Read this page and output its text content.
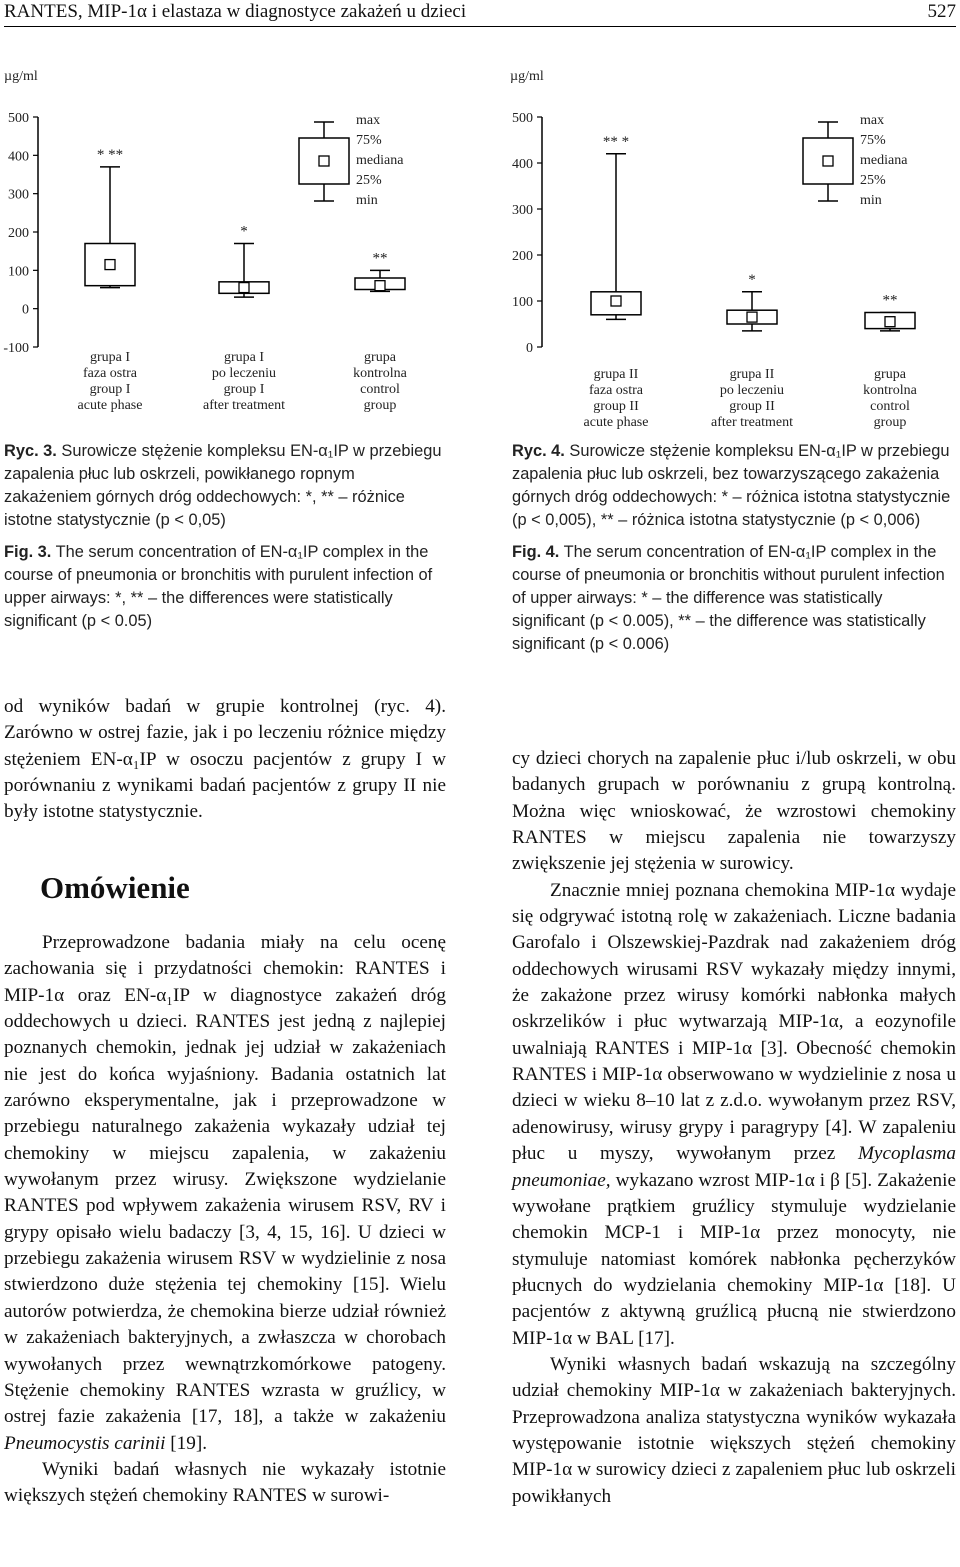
RANTES, MIP-1α i elastaza w diagnostyce zakażeń u dzieci	527
µg/ml
500
400
300
200
100
0
-100
* **
grupa I
faza ostra
group I
acute phase
*
grupa I
po leczeniu
group I
after treatment
**
grupa
kontrolna
control
group
max
75%
mediana
25%
min
µg/ml
500
400
300
200
100
0
** *
grupa II
faza ostra
group II
acute phase
*
grupa II
po leczeniu
group II
after treatment
**
grupa
kontrolna
control
group
max
75%
mediana
25%
min

Ryc. 3. Surowicze stężenie kompleksu EN-α₁IP w przebiegu zapalenia płuc lub oskrzeli, powikłanego ropnym zakażeniem górnych dróg oddechowych: *, ** – różnice istotne statystycznie (p < 0,05)

Fig. 3. The serum concentration of EN-α₁IP complex in the course of pneumonia or bronchitis with purulent infection of upper airways: *, ** – the differences were statistically significant (p < 0.05)

Ryc. 4. Surowicze stężenie kompleksu EN-α₁IP w przebiegu zapalenia płuc lub oskrzeli, bez towarzyszącego zakażenia górnych dróg oddechowych: * – różnica istotna statystycznie (p < 0,005), ** – różnica istotna statystycznie (p < 0,006)

Fig. 4. The serum concentration of EN-α₁IP complex in the course of pneumonia or bronchitis without purulent infection of upper airways: * – the difference was statistically significant (p < 0.005), ** – the difference was statistically significant (p < 0.006)

od wyników badań w grupie kontrolnej (ryc. 4). Zarówno w ostrej fazie, jak i po leczeniu różnice między stężeniem EN-α₁IP w osoczu pacjentów z grupy I w porównaniu z wynikami badań pacjentów z grupy II nie były istotne statystycznie.

Omówienie

Przeprowadzone badania miały na celu ocenę zachowania się i przydatności chemokin: RANTES i MIP-1α oraz EN-α₁IP w diagnostyce zakażeń dróg oddechowych u dzieci. RANTES jest jedną z najlepiej poznanych chemokin, jednak jej udział w zakażeniach nie jest do końca wyjaśniony. Badania ostatnich lat zarówno eksperymentalne, jak i przeprowadzone w przebiegu naturalnego zakażenia wykazały udział tej chemokiny w miejscu zapalenia, w zakażeniu wywołanym przez wirusy. Zwiększone wydzielanie RANTES pod wpływem zakażenia wirusem RSV, RV i grypy opisało wielu badaczy [3, 4, 15, 16]. U dzieci w przebiegu zakażenia wirusem RSV w wydzielinie z nosa stwierdzono duże stężenia tej chemokiny [15]. Wielu autorów potwierdza, że chemokina bierze udział również w zakażeniach bakteryjnych, a zwłaszcza w chorobach wywołanych przez wewnątrzkomórkowe patogeny. Stężenie chemokiny RANTES wzrasta w gruźlicy, w ostrej fazie zakażenia [17, 18], a także w zakażeniu Pneumocystis carinii [19].

Wyniki badań własnych nie wykazały istotnie większych stężeń chemokiny RANTES w surowi-

cy dzieci chorych na zapalenie płuc i/lub oskrzeli, w obu badanych grupach w porównaniu z grupą kontrolną. Można więc wnioskować, że wzrostowi chemokiny RANTES w miejscu zapalenia nie towarzyszy zwiększenie jej stężenia w surowicy.

Znacznie mniej poznana chemokina MIP-1α wydaje się odgrywać istotną rolę w zakażeniach. Liczne badania Garofalo i Olszewskiej-Pazdrak nad zakażeniem dróg oddechowych wirusami RSV wykazały między innymi, że zakażone przez wirusy komórki nabłonka małych oskrzelików i płuc wytwarzają MIP-1α, a eozynofile uwalniają RANTES i MIP-1α [3]. Obecność chemokin RANTES i MIP-1α obserwowano w wydzielinie z nosa u dzieci w wieku 8–10 lat z z.d.o. wywołanym przez RSV, adenowirusy, wirusy grypy i paragrypy [4]. W zapaleniu płuc u myszy, wywołanym przez Mycoplasma pneumoniae, wykazano wzrost MIP-1α i β [5]. Zakażenie wywołane prątkiem gruźlicy stymuluje wydzielanie chemokin MCP-1 i MIP-1α przez monocyty, nie stymuluje natomiast komórek nabłonka pęcherzyków płucnych do wydzielania chemokiny MIP-1α [18]. U pacjentów z aktywną gruźlicą płucną nie stwierdzono MIP-1α w BAL [17].

Wyniki własnych badań wskazują na szczególny udział chemokiny MIP-1α w zakażeniach bakteryjnych. Przeprowadzona analiza statystyczna wyników wykazała występowanie istotnie większych stężeń chemokiny MIP-1α w surowicy dzieci z zapaleniem płuc lub oskrzeli powikłanych
